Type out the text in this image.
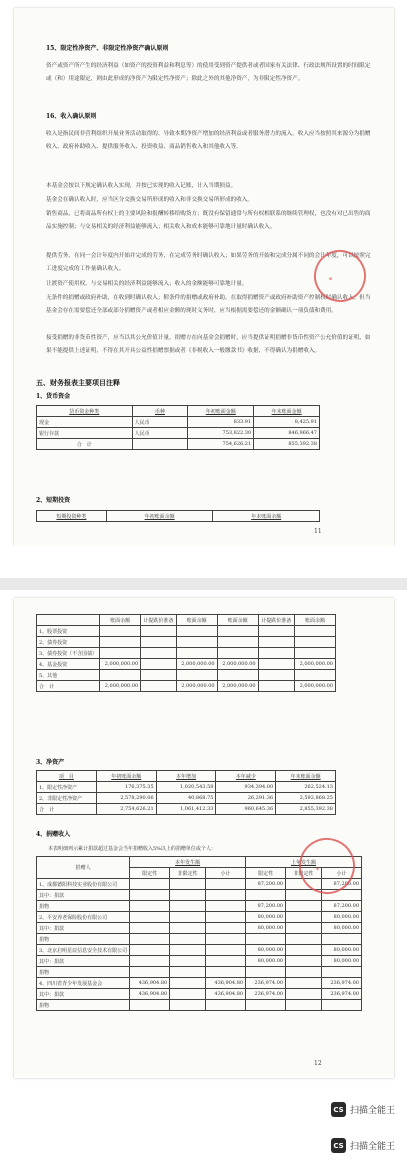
15、限定性净资产、非限定性净资产确认原则
资产或资产所产生的经济利益（如资产的投资利益和利息等）的使用受到资产提供者或者国家有关法律、行政法规所设置的时间限定或（和）用途限定，则由此形成的净资产为限定性净资产；除此之外的其他净资产，为非限定性净资产。
16、收入确认原则
收入是指民间非营利组织开展业务活动取得的、导致本期净资产增加的经济利益或者服务潜力的流入。收入应当按照其来源分为捐赠收入、政府补助收入、提供服务收入、投资收益、商品销售收入和其他收入等。
本基金会按以下规定确认收入实现，并按已实现的收入记账，计入当期损益。
基金会在确认收入时，应当区分交换交易所形成的收入和非交换交易所形成的收入。
销售商品，已将商品所有权上的主要风险和报酬转移给购货方；既没有保留通常与所有权相联系的继续管理权，也没有对已出售的商品实施控制；与交易相关的经济利益能够流入；相关收入和成本能够可靠地计量时确认收入。
提供劳务，在同一会计年度内开始并完成的劳务，在完成劳务时确认收入；如果劳务的开始和完成分属不同的会计年度，可以按照完工进度完成的工作量确认收入。
让渡资产使用权，与交易相关的经济利益能够流入；收入的金额能够可靠地计量。
无条件的捐赠或政府补助，在收到时确认收入；附条件的捐赠或政府补助，在取得捐赠资产或政府补助资产控制权时确认收入；但当基金会存在需要偿还全部或部分捐赠资产或者相应金额的现时义务时，应当根据需要偿还的金额确认一项负债和费用。
接受捐赠的非货币性资产，应当以其公允价值计量。捐赠方在向基金会捐赠时，应当提供证明捐赠非货币性资产公允价值的证明，如果不能提供上述证明，不得在其开具公益性捐赠票据或者《非税收入一般缴款书》收据，不得确认为捐赠收入。
五、财务报表主要项目注释
1、货币资金
货币资金种类	币种	年初账面金额	年末账面金额
现金	人民币	833.91	8,425.91
银行存款	人民币	753,822.30	846,966.47
合　计		754,626.21	855,392.38
2、短期投资
短期投资种类	年初账面余额	年末账面余额
11
★
CS 扫描全能王
	账面余额	计提跌价准备	账面余额	账面余额	计提跌价准备	账面余额
1、股票投资						
2、债券投资						
3、债券投资（不含国债）						
4、基金投资	2,000,000.00		2,000,000.00	2,000,000.00		2,000,000.00
5、其他						
合　计	2,000,000.00		2,000,000.00	2,000,000.00		2,000,000.00
3、净资产
项　目	年初账面余额	本年增加	本年减少	年末账面余额
1、限定性净资产	176,375.35	1,020,543.58	934,394.00	262,524.13
2、非限定性净资产	2,578,290.06	40,868.75	26,291.36	2,592,868.25
合　计	2,754,626.21	1,061,412.33	960,645.36	2,855,392.38
4、捐赠收入
本表明细列示累计捐款超过基金会当年捐赠收入5%以上的捐赠单位或个人：
捐赠人	本年发生额			上年发生额		
	限定性	非限定性	小计	限定性	非限定性	小计
1、成都德阳科技实业股份有限公司				87,200.00		87,200.00
其中：捐款						
捐物				87,200.00		87,200.00
2、平安养老保险股份有限公司				80,000.00		80,000.00
其中：捐款				80,000.00		80,000.00
捐物						
3、北京启明星辰信息安全技术有限公司				80,000.00		80,000.00
其中：捐款				80,000.00		80,000.00
捐物						
4、四川省青少年发展基金会	436,904.80		436,904.80	236,974.00		236,974.00
其中：捐款	436,904.80		436,904.80	236,974.00		236,974.00
捐物						
12
★
CS 扫描全能王
